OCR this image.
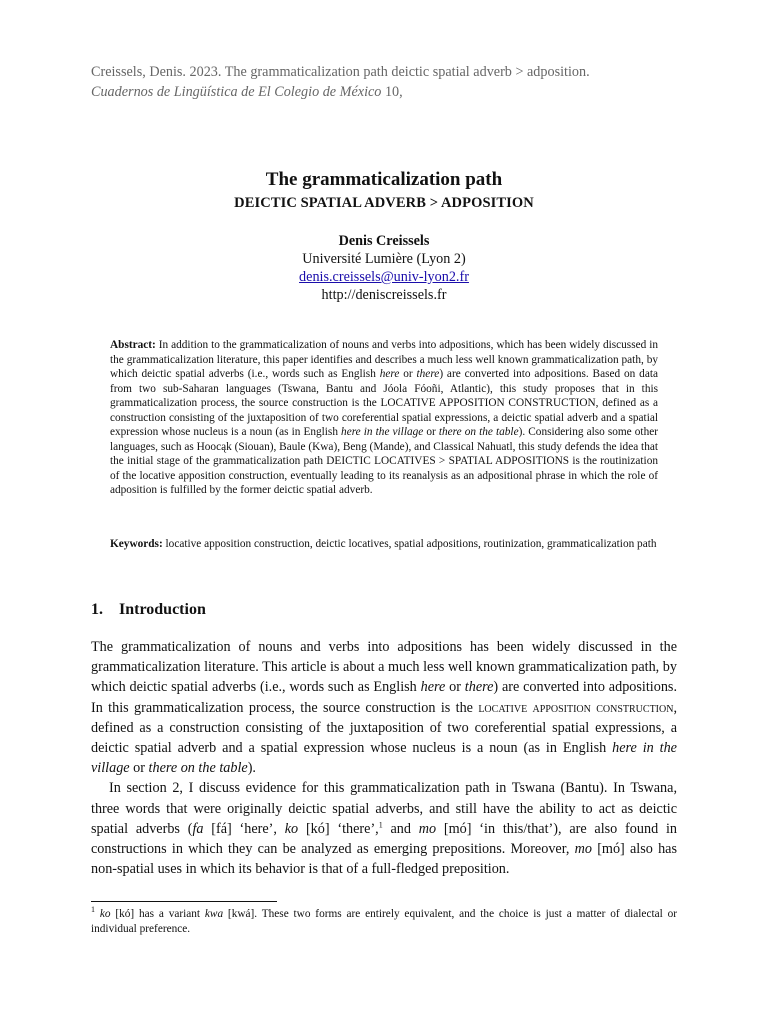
Creissels, Denis. 2023. The grammaticalization path deictic spatial adverb > adposition.
Cuadernos de Lingüística de El Colegio de México 10,
The grammaticalization path
DEICTIC SPATIAL ADVERB > ADPOSITION
Denis Creissels
Université Lumière (Lyon 2)
denis.creissels@univ-lyon2.fr
http://deniscreissels.fr
Abstract: In addition to the grammaticalization of nouns and verbs into adpositions, which has been widely discussed in the grammaticalization literature, this paper identifies and describes a much less well known grammaticalization path, by which deictic spatial adverbs (i.e., words such as English here or there) are converted into adpositions. Based on data from two sub-Saharan languages (Tswana, Bantu and Jóola Fóoñi, Atlantic), this study proposes that in this grammaticalization process, the source construction is the LOCATIVE APPOSITION CONSTRUCTION, defined as a construction consisting of the juxtaposition of two coreferential spatial expressions, a deictic spatial adverb and a spatial expression whose nucleus is a noun (as in English here in the village or there on the table). Considering also some other languages, such as Hoocąk (Siouan), Baule (Kwa), Beng (Mande), and Classical Nahuatl, this study defends the idea that the initial stage of the grammaticalization path DEICTIC LOCATIVES > SPATIAL ADPOSITIONS is the routinization of the locative apposition construction, eventually leading to its reanalysis as an adpositional phrase in which the role of adposition is fulfilled by the former deictic spatial adverb.
Keywords: locative apposition construction, deictic locatives, spatial adpositions, routinization, grammaticalization path
1. Introduction

The grammaticalization of nouns and verbs into adpositions has been widely discussed in the grammaticalization literature. This article is about a much less well known grammaticalization path, by which deictic spatial adverbs (i.e., words such as English here or there) are converted into adpositions. In this grammaticalization process, the source construction is the locative apposition construction, defined as a construction consisting of the juxtaposition of two coreferential spatial expressions, a deictic spatial adverb and a spatial expression whose nucleus is a noun (as in English here in the village or there on the table).

In section 2, I discuss evidence for this grammaticalization path in Tswana (Bantu). In Tswana, three words that were originally deictic spatial adverbs, and still have the ability to act as deictic spatial adverbs (fa [fá] ‘here’, ko [kó] ‘there’,$^1$ and mo [mó] ‘in this/that’), are also found in constructions in which they can be analyzed as emerging prepositions. Moreover, mo [mó] also has non-spatial uses in which its behavior is that of a full-fledged preposition.

$^1$ ko [kó] has a variant kwa [kwá]. These two forms are entirely equivalent, and the choice is just a matter of dialectal or individual preference.
